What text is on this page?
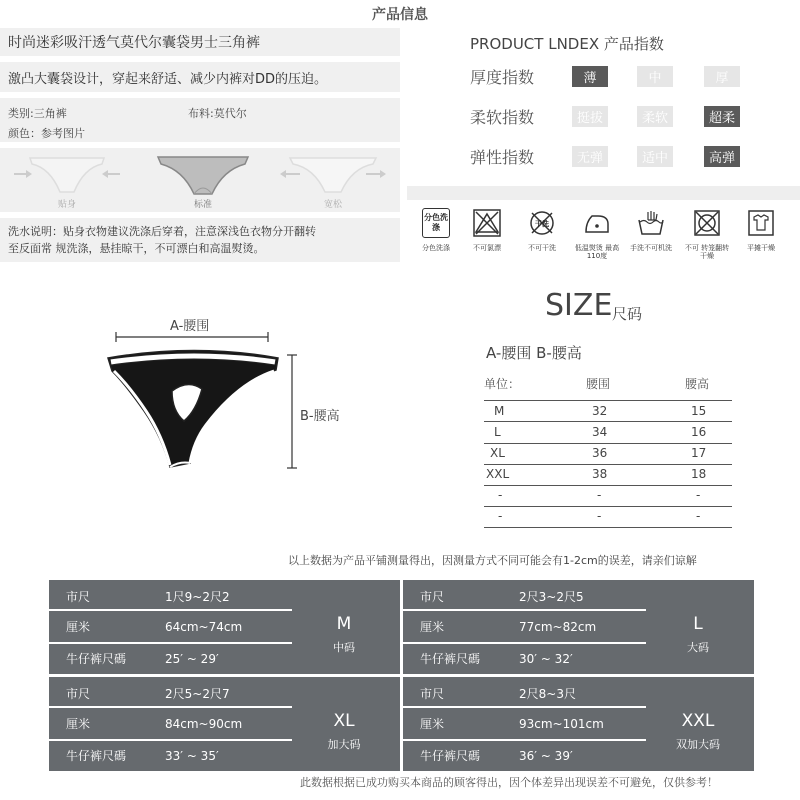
产品信息
时尚迷彩吸汗透气莫代尔囊袋男士三角裤
激凸大囊袋设计，穿起来舒适、减少内裤对DD的压迫。
类别:三角裤	布料:莫代尔
颜色：参考图片
贴身	标准	宽松
洗水说明：贴身衣物建议洗涤后穿着，注意深浅色衣物分开翻转
至反面常 规洗涤，悬挂晾干，不可漂白和高温熨烫。
PRODUCT LNDEX 产品指数
厚度指数	薄	中	厚
柔软指数	挺拔	柔软	超柔
弹性指数	无弹	适中	高弹
分色洗涤
分色洗涤	不可氯漂
干洗
不可干洗	低温熨烫 最高110度
手洗不可机洗	不可 转笼翻转干燥
平摊干燥
A-腰围
B-腰高
SIZE 尺码
A-腰围 B-腰高
单位：	腰围	腰高
M	32	15
L	34	16
XL	36	17
XXL	38	18
-	-	-
-	-	-
以上数据为产品平铺测量得出，因测量方式不同可能会有1-2cm的误差，请亲们谅解
市尺	1尺9~2尺2
厘米	64cm~74cm
牛仔裤尺碼	25′ ~ 29′
M
中码
市尺	2尺3~2尺5
厘米	77cm~82cm
牛仔裤尺碼	30′ ~ 32′
L
大码
市尺	2尺5~2尺7
厘米	84cm~90cm
牛仔裤尺碼	33′ ~ 35′
XL
加大码
市尺	2尺8~3尺
厘米	93cm~101cm
牛仔裤尺碼	36′ ~ 39′
XXL
双加大码
此数据根据已成功购买本商品的顾客得出，因个体差异出现误差不可避免，仅供参考！
